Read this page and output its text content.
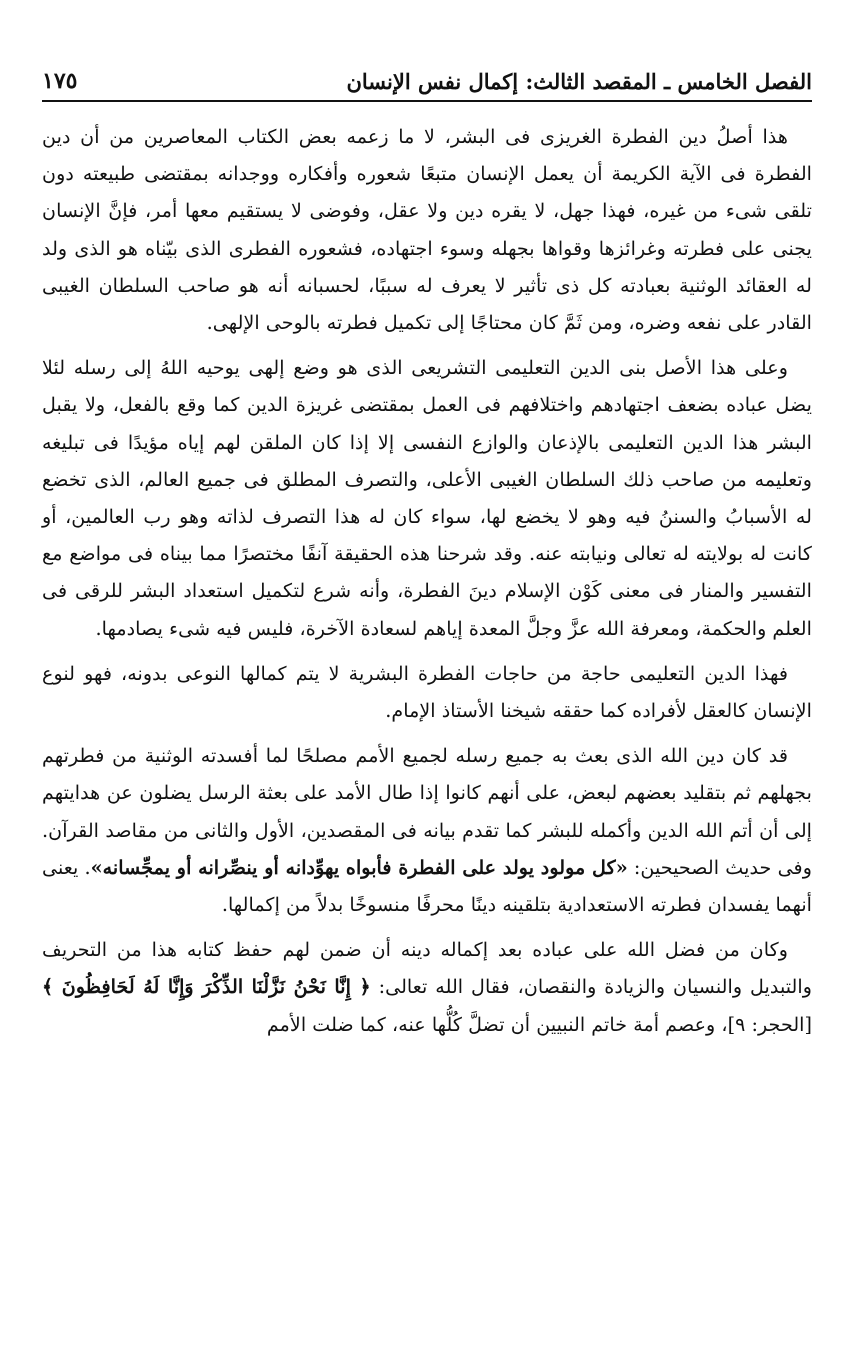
الفصل الخامس ـ المقصد الثالث: إكمال نفس الإنسان
١٧٥

هذا أصلُ دين الفطرة الغريزى فى البشر، لا ما زعمه بعض الكتاب المعاصرين من أن دين الفطرة فى الآية الكريمة أن يعمل الإنسان متبعًا شعوره وأفكاره ووجدانه بمقتضى طبيعته دون تلقى شىء من غيره، فهذا جهل، لا يقره دين ولا عقل، وفوضى لا يستقيم معها أمر، فإنَّ الإنسان يجنى على فطرته وغرائزها وقواها بجهله وسوء اجتهاده، فشعوره الفطرى الذى بيّناه هو الذى ولد له العقائد الوثنية بعبادته كل ذى تأثير لا يعرف له سببًا، لحسبانه أنه هو صاحب السلطان الغيبى القادر على نفعه وضره، ومن ثَمَّ كان محتاجًا إلى تكميل فطرته بالوحى الإلهى.

وعلى هذا الأصل بنى الدين التعليمى التشريعى الذى هو وضع إلهى يوحيه اللهُ إلى رسله لئلا يضل عباده بضعف اجتهادهم واختلافهم فى العمل بمقتضى غريزة الدين كما وقع بالفعل، ولا يقبل البشر هذا الدين التعليمى بالإذعان والوازع النفسى إلا إذا كان الملقن لهم إياه مؤيدًا فى تبليغه وتعليمه من صاحب ذلك السلطان الغيبى الأعلى، والتصرف المطلق فى جميع العالم، الذى تخضع له الأسبابُ والسننُ فيه وهو لا يخضع لها، سواء كان له هذا التصرف لذاته وهو رب العالمين، أو كانت له بولايته له تعالى ونيابته عنه. وقد شرحنا هذه الحقيقة آنفًا مختصرًا مما بيناه فى مواضع مع التفسير والمنار فى معنى كَوْن الإسلام دينَ الفطرة، وأنه شرع لتكميل استعداد البشر للرقى فى العلم والحكمة، ومعرفة الله عزَّ وجلَّ المعدة إياهم لسعادة الآخرة، فليس فيه شىء يصادمها.

فهذا الدين التعليمى حاجة من حاجات الفطرة البشرية لا يتم كمالها النوعى بدونه، فهو لنوع الإنسان كالعقل لأفراده كما حققه شيخنا الأستاذ الإمام.

قد كان دين الله الذى بعث به جميع رسله لجميع الأمم مصلحًا لما أفسدته الوثنية من فطرتهم بجهلهم ثم بتقليد بعضهم لبعض، على أنهم كانوا إذا طال الأمد على بعثة الرسل يضلون عن هدايتهم إلى أن أتم الله الدين وأكمله للبشر كما تقدم بيانه فى المقصدين، الأول والثانى من مقاصد القرآن. وفى حديث الصحيحين: «كل مولود يولد على الفطرة فأبواه يهوِّدانه أو ينصِّرانه أو يمجِّسانه». يعنى أنهما يفسدان فطرته الاستعدادية بتلقينه دينًا محرفًا منسوخًا بدلاً من إكمالها.

وكان من فضل الله على عباده بعد إكماله دينه أن ضمن لهم حفظ كتابه هذا من التحريف والتبديل والنسيان والزيادة والنقصان، فقال الله تعالى: ﴿ إِنَّا نَحْنُ نَزَّلْنَا الذِّكْرَ وَإِنَّا لَهُ لَحَافِظُونَ ﴾ [الحجر: ٩]، وعصم أمة خاتم النبيين أن تضلَّ كُلُّها عنه، كما ضلت الأمم
